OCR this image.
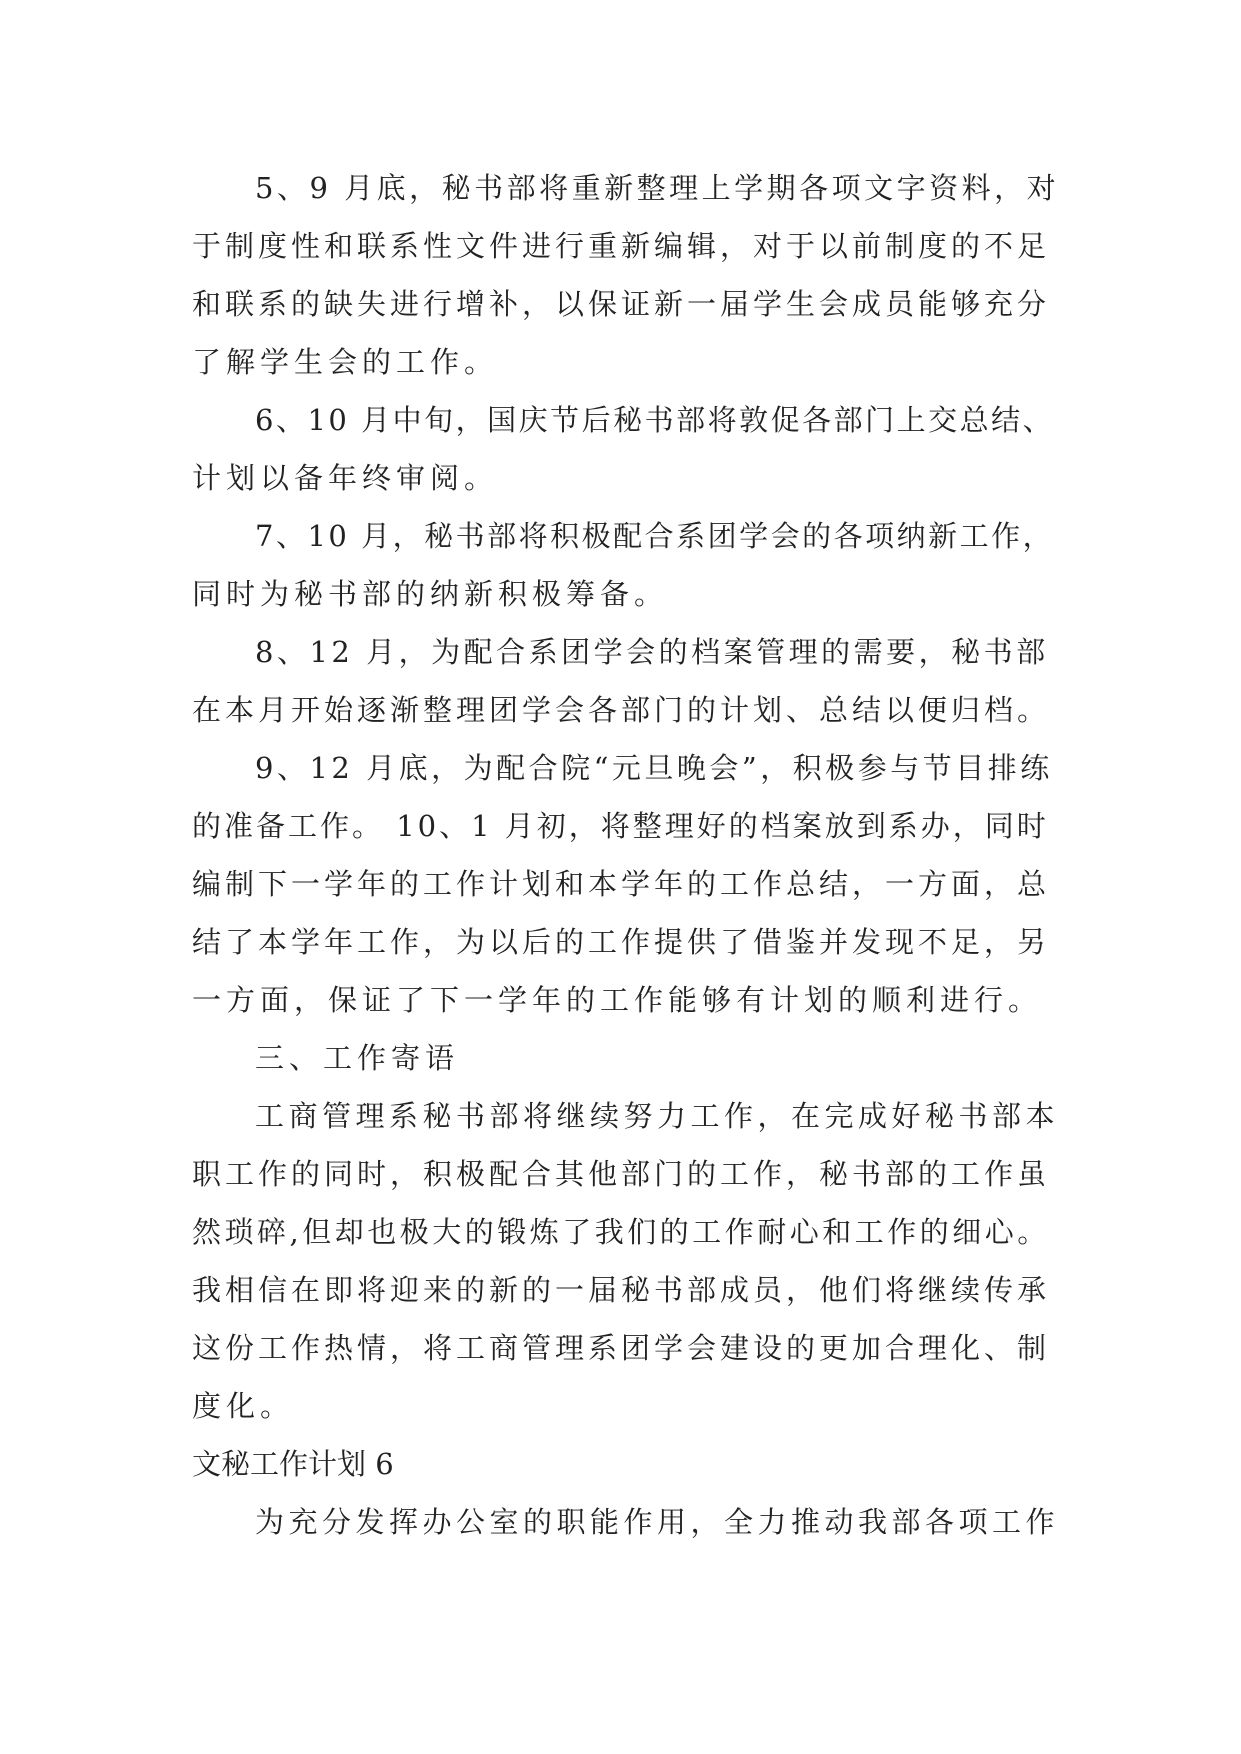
5、9 月底，秘书部将重新整理上学期各项文字资料，对

于制度性和联系性文件进行重新编辑，对于以前制度的不足

和联系的缺失进行增补，以保证新一届学生会成员能够充分

了解学生会的工作。

6、10 月中旬，国庆节后秘书部将敦促各部门上交总结、

计划以备年终审阅。

7、10 月，秘书部将积极配合系团学会的各项纳新工作，

同时为秘书部的纳新积极筹备。

8、12 月，为配合系团学会的档案管理的需要，秘书部

在本月开始逐渐整理团学会各部门的计划、总结以便归档。

9、12 月底，为配合院“元旦晚会”，积极参与节目排练

的准备工作。 10、1 月初，将整理好的档案放到系办，同时

编制下一学年的工作计划和本学年的工作总结，一方面，总

结了本学年工作，为以后的工作提供了借鉴并发现不足，另

一方面，保证了下一学年的工作能够有计划的顺利进行。

三、工作寄语

工商管理系秘书部将继续努力工作，在完成好秘书部本

职工作的同时，积极配合其他部门的工作，秘书部的工作虽

然琐碎,但却也极大的锻炼了我们的工作耐心和工作的细心。

我相信在即将迎来的新的一届秘书部成员，他们将继续传承

这份工作热情，将工商管理系团学会建设的更加合理化、制

度化。

文秘工作计划 6

为充分发挥办公室的职能作用，全力推动我部各项工作
